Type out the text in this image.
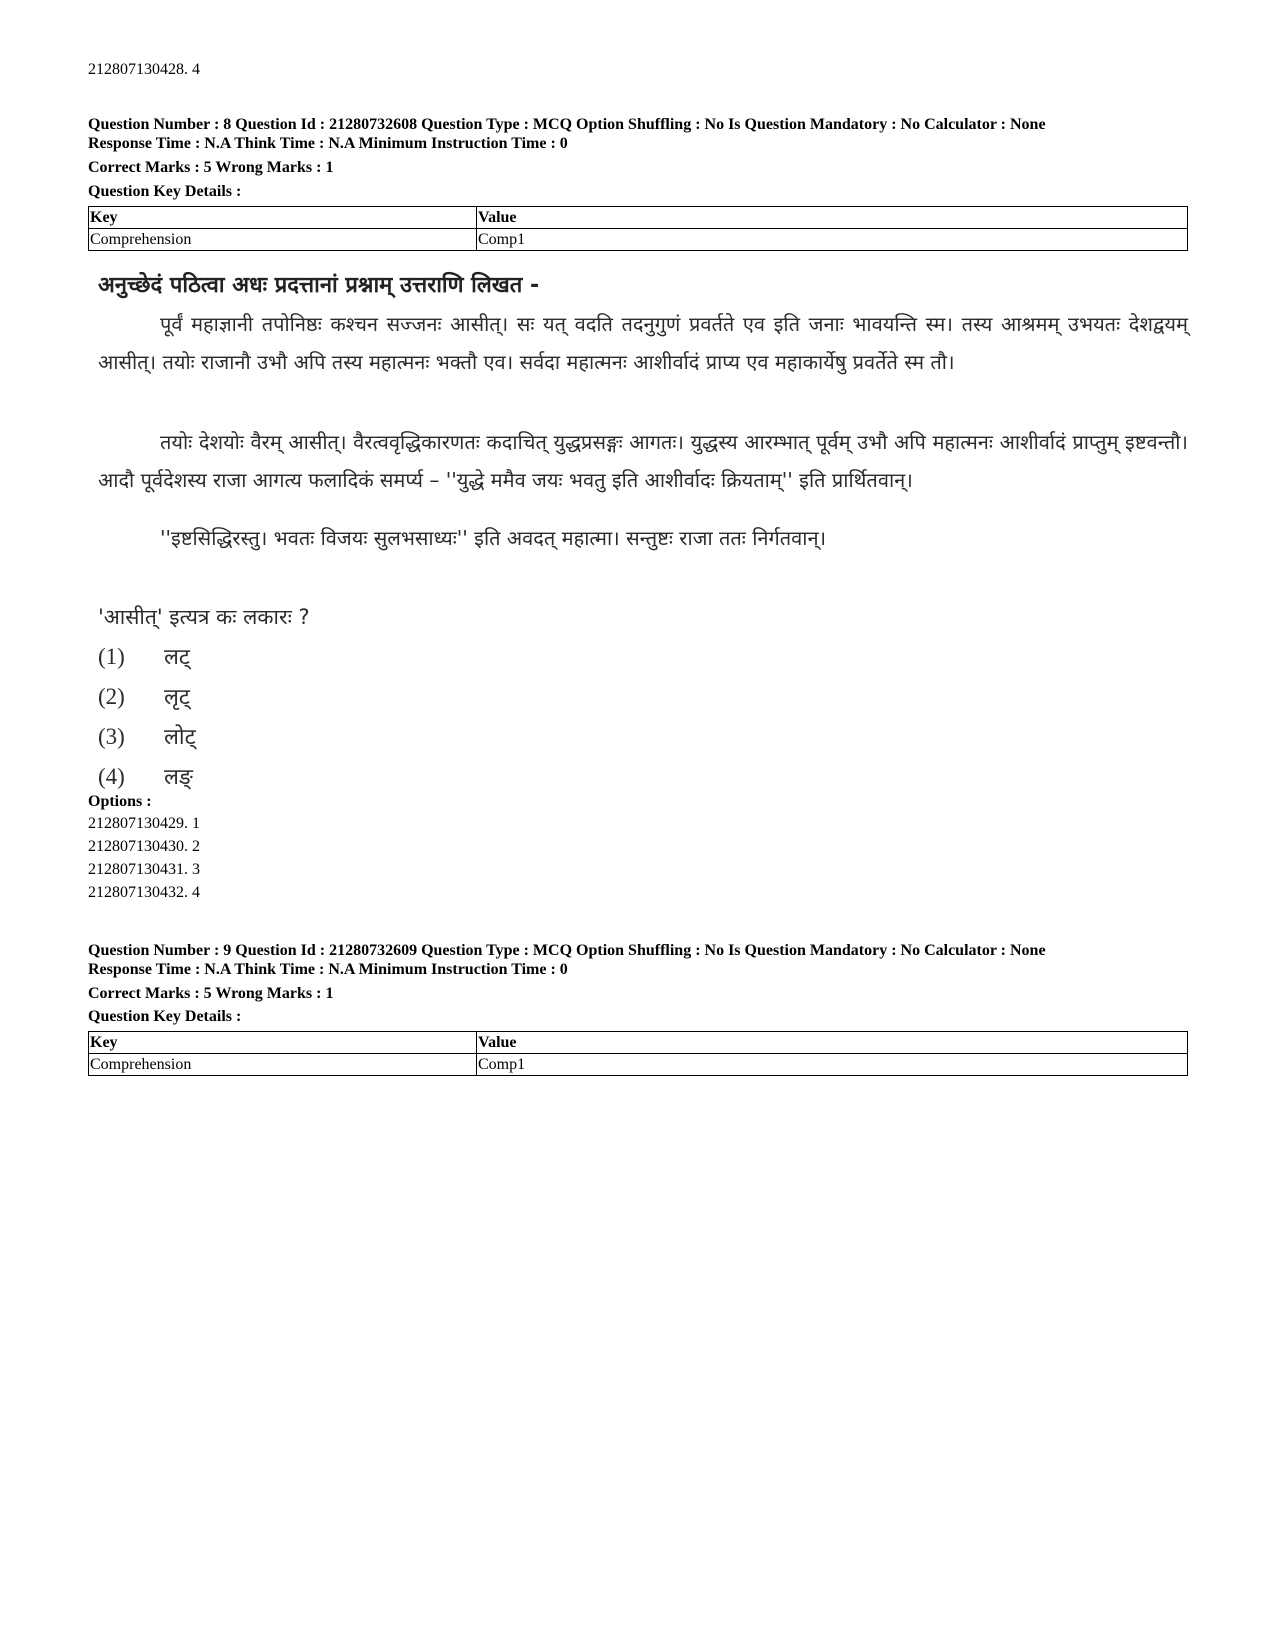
212807130428. 4
Question Number : 8 Question Id : 21280732608 Question Type : MCQ Option Shuffling : No Is Question Mandatory : No Calculator : None
Response Time : N.A Think Time : N.A Minimum Instruction Time : 0
Correct Marks : 5 Wrong Marks : 1
Question Key Details :
Key	Value
Comprehension	Comp1
अनुच्छेदं पठित्वा अधः प्रदत्तानां प्रश्नाम् उत्तराणि लिखत -
पूर्वं महाज्ञानी तपोनिष्ठः कश्चन सज्जनः आसीत्। सः यत् वदति तदनुगुणं प्रवर्तते एव इति जनाः भावयन्ति स्म। तस्य आश्रमम् उभयतः देशद्वयम् आसीत्। तयोः राजानौ उभौ अपि तस्य महात्मनः भक्तौ एव। सर्वदा महात्मनः आशीर्वादं प्राप्य एव महाकार्येषु प्रवर्तेते स्म तौ।
तयोः देशयोः वैरम् आसीत्। वैरत्ववृद्धिकारणतः कदाचित् युद्धप्रसङ्गः आगतः। युद्धस्य आरम्भात् पूर्वम् उभौ अपि महात्मनः आशीर्वादं प्राप्तुम् इष्टवन्तौ। आदौ पूर्वदेशस्य राजा आगत्य फलादिकं समर्प्य – ''युद्धे ममैव जयः भवतु इति आशीर्वादः क्रियताम्'' इति प्रार्थितवान्।
''इष्टसिद्धिरस्तु। भवतः विजयः सुलभसाध्यः'' इति अवदत् महात्मा। सन्तुष्टः राजा ततः निर्गतवान्।
'आसीत्' इत्यत्र कः लकारः ?
(1) लट्
(2) लृट्
(3) लोट्
(4) लङ्
Options :
212807130429. 1
212807130430. 2
212807130431. 3
212807130432. 4
Question Number : 9 Question Id : 21280732609 Question Type : MCQ Option Shuffling : No Is Question Mandatory : No Calculator : None
Response Time : N.A Think Time : N.A Minimum Instruction Time : 0
Correct Marks : 5 Wrong Marks : 1
Question Key Details :
Key	Value
Comprehension	Comp1
